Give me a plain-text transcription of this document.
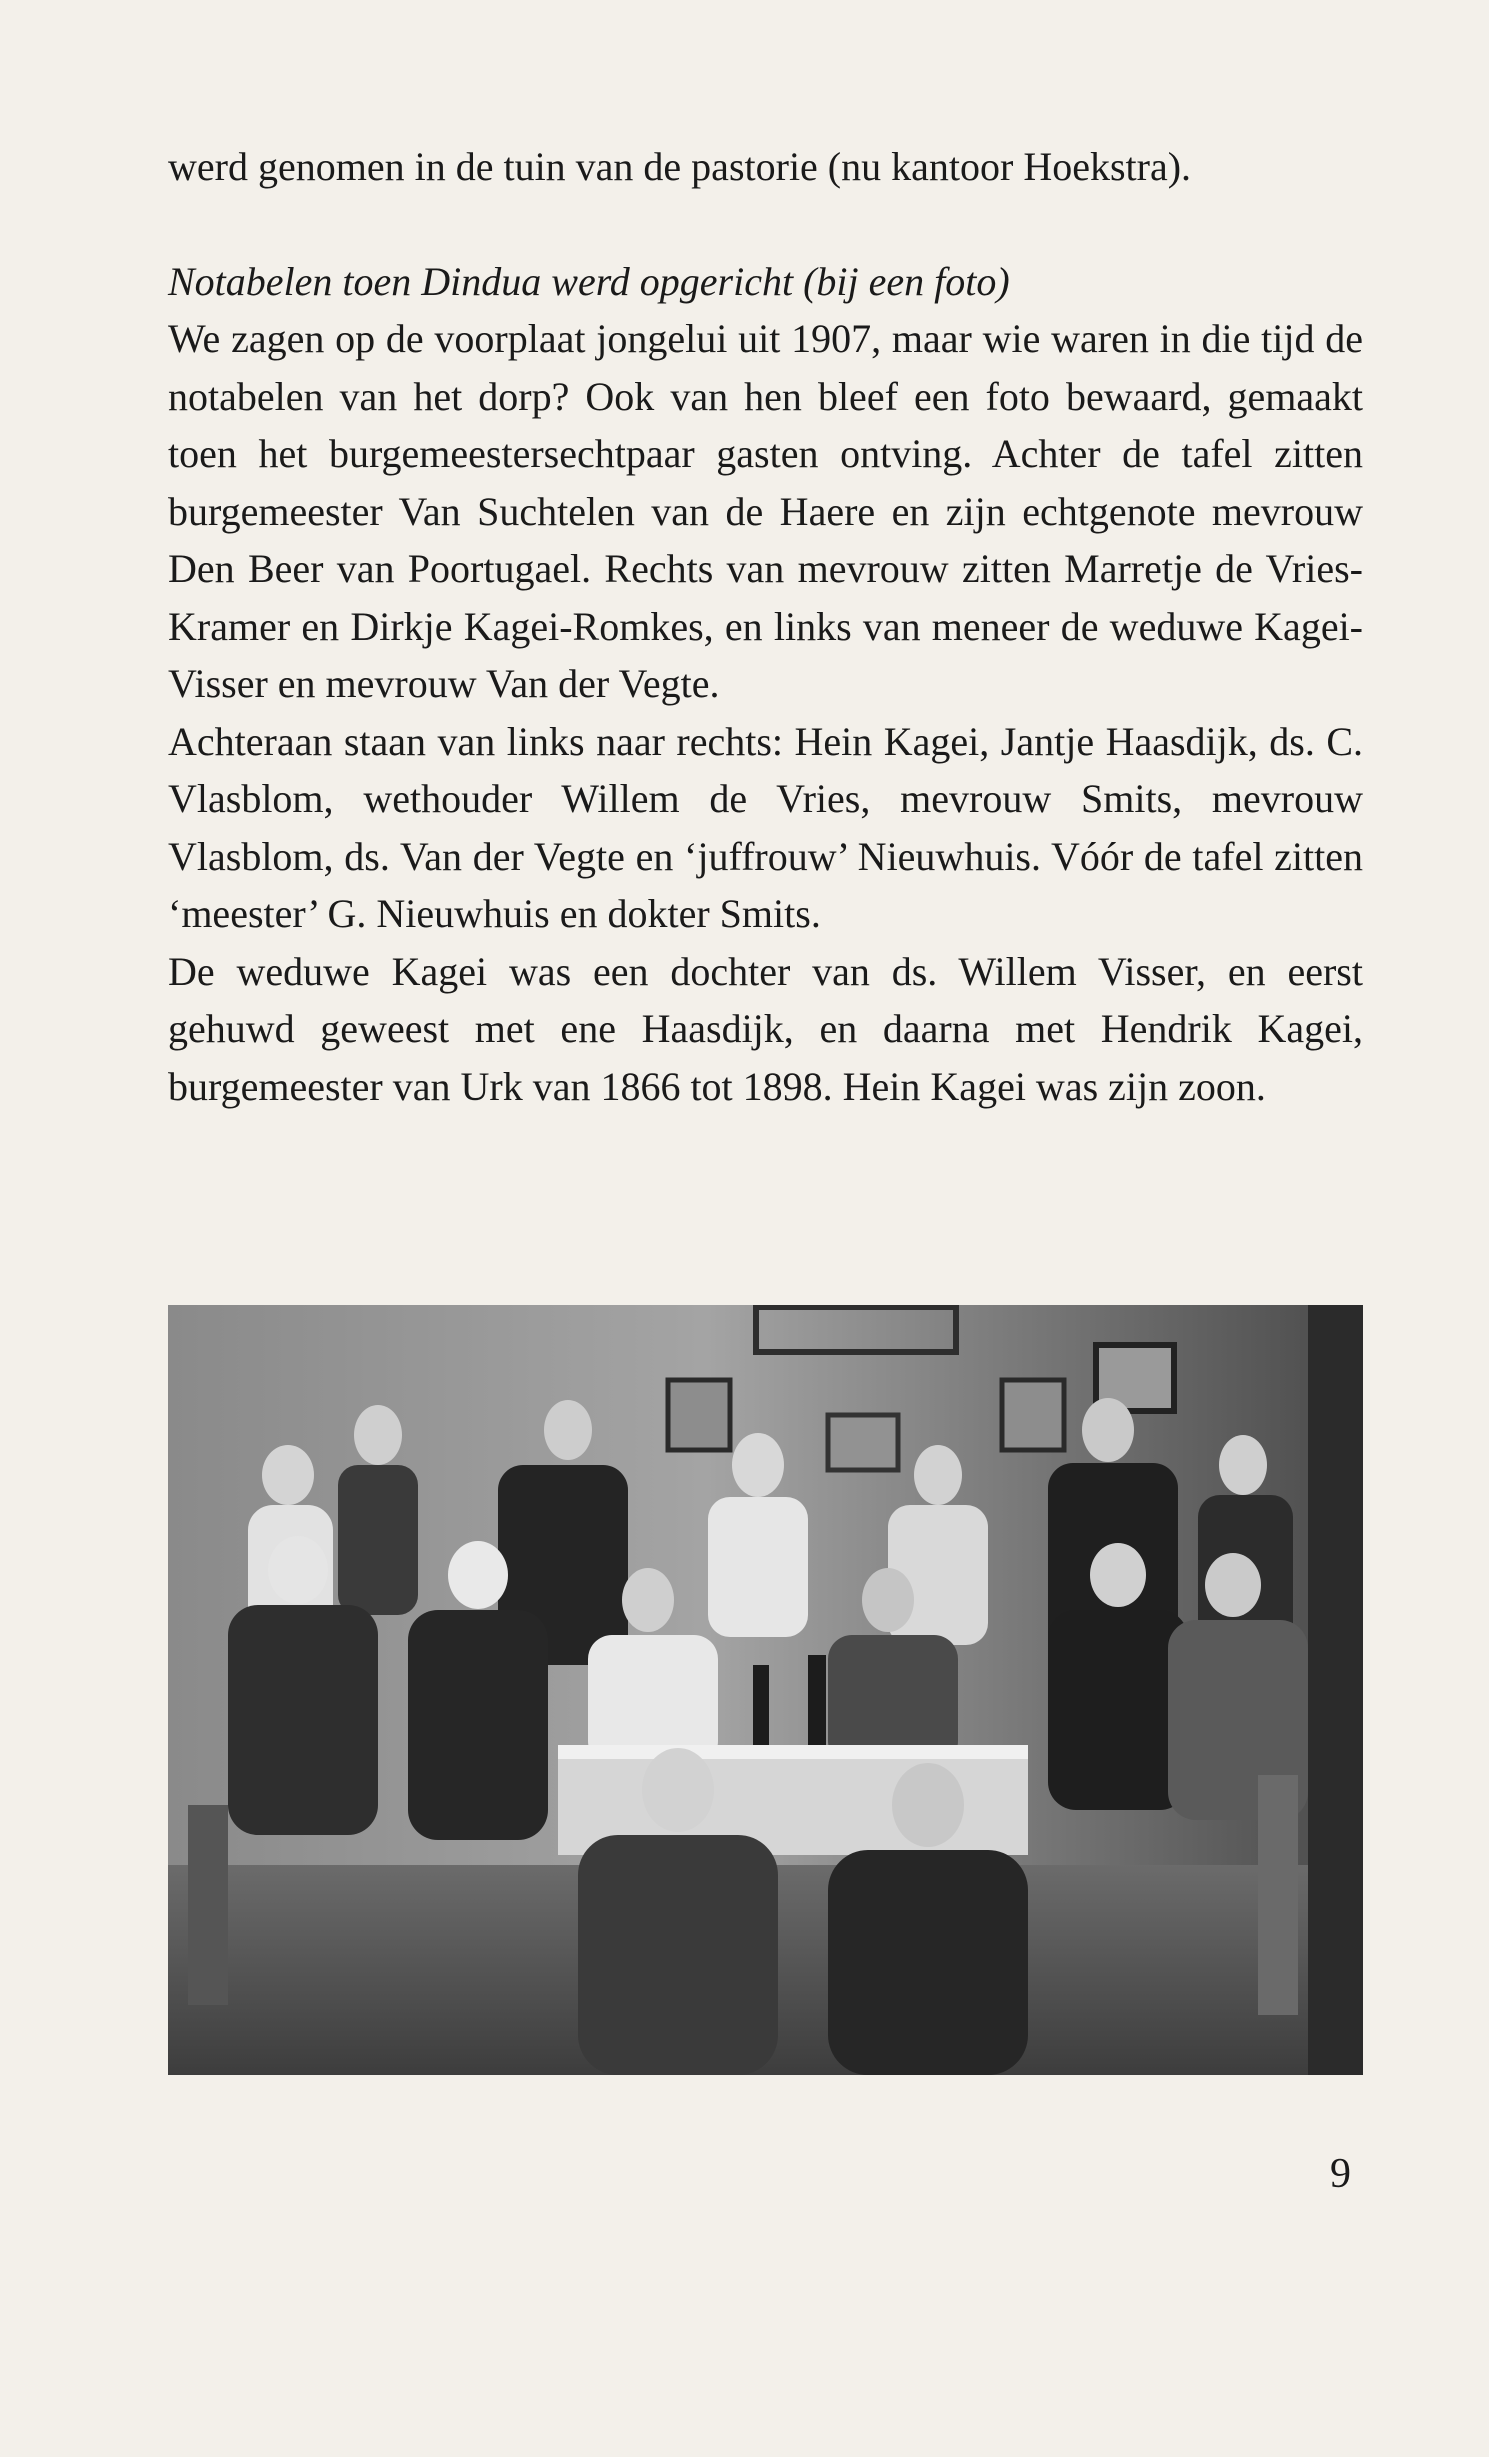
werd genomen in de tuin van de pastorie (nu kantoor Hoekstra).

Notabelen toen Dindua werd opgericht (bij een foto)

We zagen op de voorplaat jongelui uit 1907, maar wie waren in die tijd de notabelen van het dorp? Ook van hen bleef een foto bewaard, gemaakt toen het burgemeestersechtpaar gasten ontving. Achter de tafel zitten burgemeester Van Suchtelen van de Haere en zijn echtgenote mevrouw Den Beer van Poortugael. Rechts van mevrouw zitten Marretje de Vries-Kramer en Dirkje Kagei-Romkes, en links van meneer de weduwe Kagei-Visser en mevrouw Van der Vegte.

Achteraan staan van links naar rechts: Hein Kagei, Jantje Haasdijk, ds. C. Vlasblom, wethouder Willem de Vries, mevrouw Smits, mevrouw Vlasblom, ds. Van der Vegte en ‘juffrouw’ Nieuwhuis. Vóór de tafel zitten ‘meester’ G. Nieuwhuis en dokter Smits.

De weduwe Kagei was een dochter van ds. Willem Visser, en eerst gehuwd geweest met ene Haasdijk, en daarna met Hendrik Kagei, burgemeester van Urk van 1866 tot 1898. Hein Kagei was zijn zoon.

9
